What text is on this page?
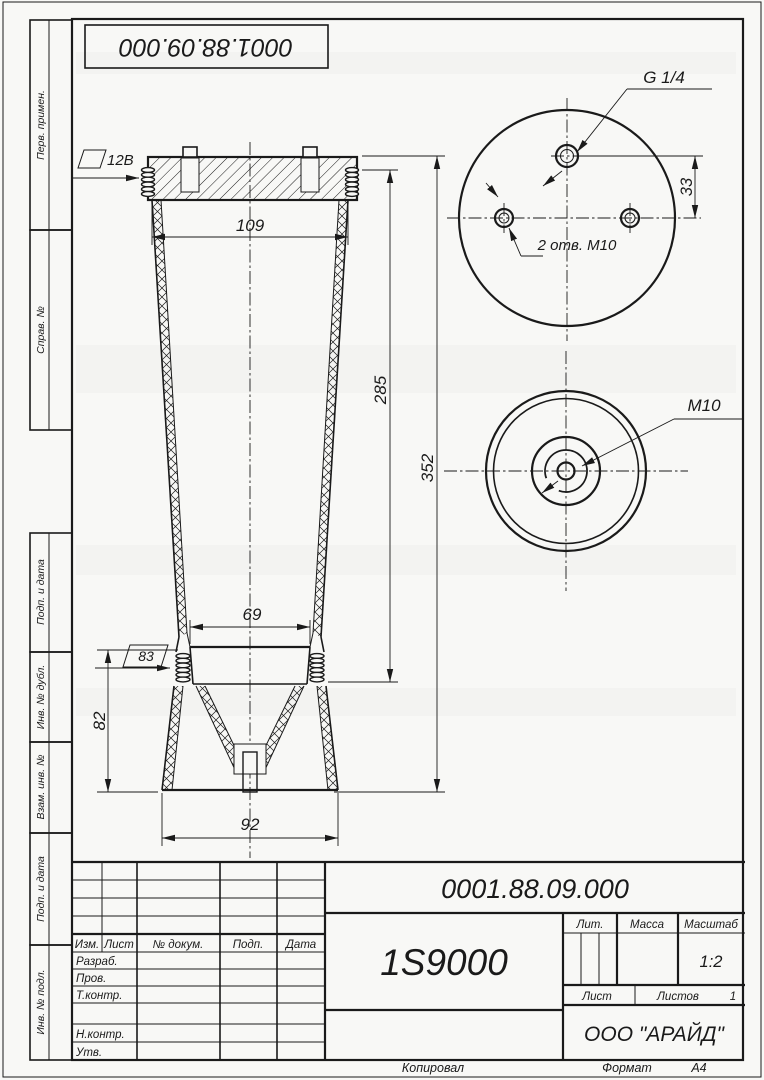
Перв. примен.
Справ. №
Подп. и дата
Инв. № дубл.
Взам. инв. №
Подп. и дата
Инв. № подл.
0001.88.09.000
109
69
92
82
285
352
12В
83
33
G 1/4
2 отв. М10
М10
Изм. Лист № докум.	Подп. Дата
Разраб.
Пров.
Т.контр.
Н.контр.
Утв.
0001.88.09.000
1S9000
Лит. Масса Масштаб
1:2
Лист	Листов	1
ООО "АРАЙД"
Копировал	Формат	А4
